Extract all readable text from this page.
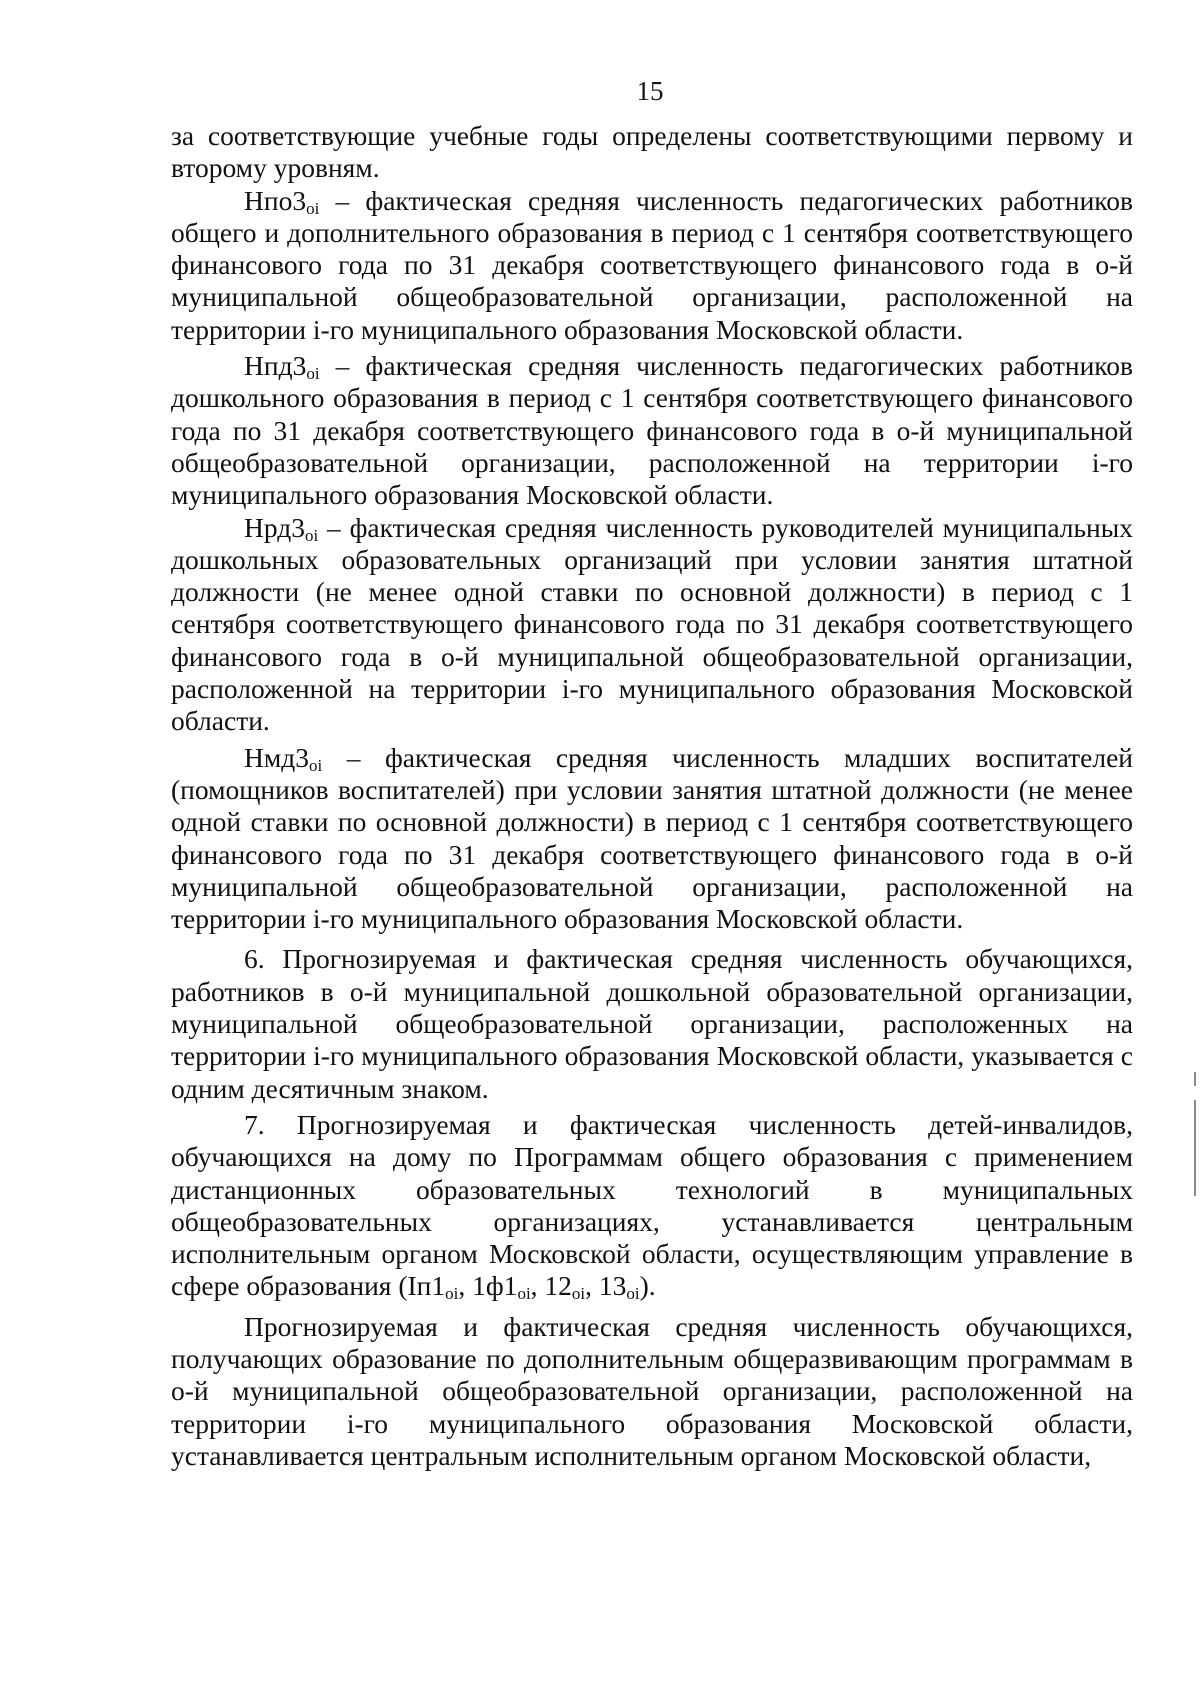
15

за соответствующие учебные годы определены соответствующими первому и второму уровням.

$Нпо3_{oi}$ – фактическая средняя численность педагогических работников общего и дополнительного образования в период с 1 сентября соответствующего финансового года по 31 декабря соответствующего финансового года в о-й муниципальной общеобразовательной организации, расположенной на территории i-го муниципального образования Московской области.

$Нпд3_{oi}$ – фактическая средняя численность педагогических работников дошкольного образования в период с 1 сентября соответствующего финансового года по 31 декабря соответствующего финансового года в о-й муниципальной общеобразовательной организации, расположенной на территории i-го муниципального образования Московской области.

$Нрд3_{oi}$ – фактическая средняя численность руководителей муниципальных дошкольных образовательных организаций при условии занятия штатной должности (не менее одной ставки по основной должности) в период с 1 сентября соответствующего финансового года по 31 декабря соответствующего финансового года в о-й муниципальной общеобразовательной организации, расположенной на территории i-го муниципального образования Московской области.

$Нмд3_{oi}$ – фактическая средняя численность младших воспитателей (помощников воспитателей) при условии занятия штатной должности (не менее одной ставки по основной должности) в период с 1 сентября соответствующего финансового года по 31 декабря соответствующего финансового года в о-й муниципальной общеобразовательной организации, расположенной на территории i-го муниципального образования Московской области.

6. Прогнозируемая и фактическая средняя численность обучающихся, работников в о-й муниципальной дошкольной образовательной организации, муниципальной общеобразовательной организации, расположенных на территории i-го муниципального образования Московской области, указывается с одним десятичным знаком.

7. Прогнозируемая и фактическая численность детей-инвалидов, обучающихся на дому по Программам общего образования с применением дистанционных образовательных технологий в муниципальных общеобразовательных организациях, устанавливается центральным исполнительным органом Московской области, осуществляющим управление в сфере образования ($Iп1_{oi}$, $1ф1_{oi}$, $12_{oi}$, $13_{oi}$).

Прогнозируемая и фактическая средняя численность обучающихся, получающих образование по дополнительным общеразвивающим программам в о-й муниципальной общеобразовательной организации, расположенной на территории i-го муниципального образования Московской области, устанавливается центральным исполнительным органом Московской области,
